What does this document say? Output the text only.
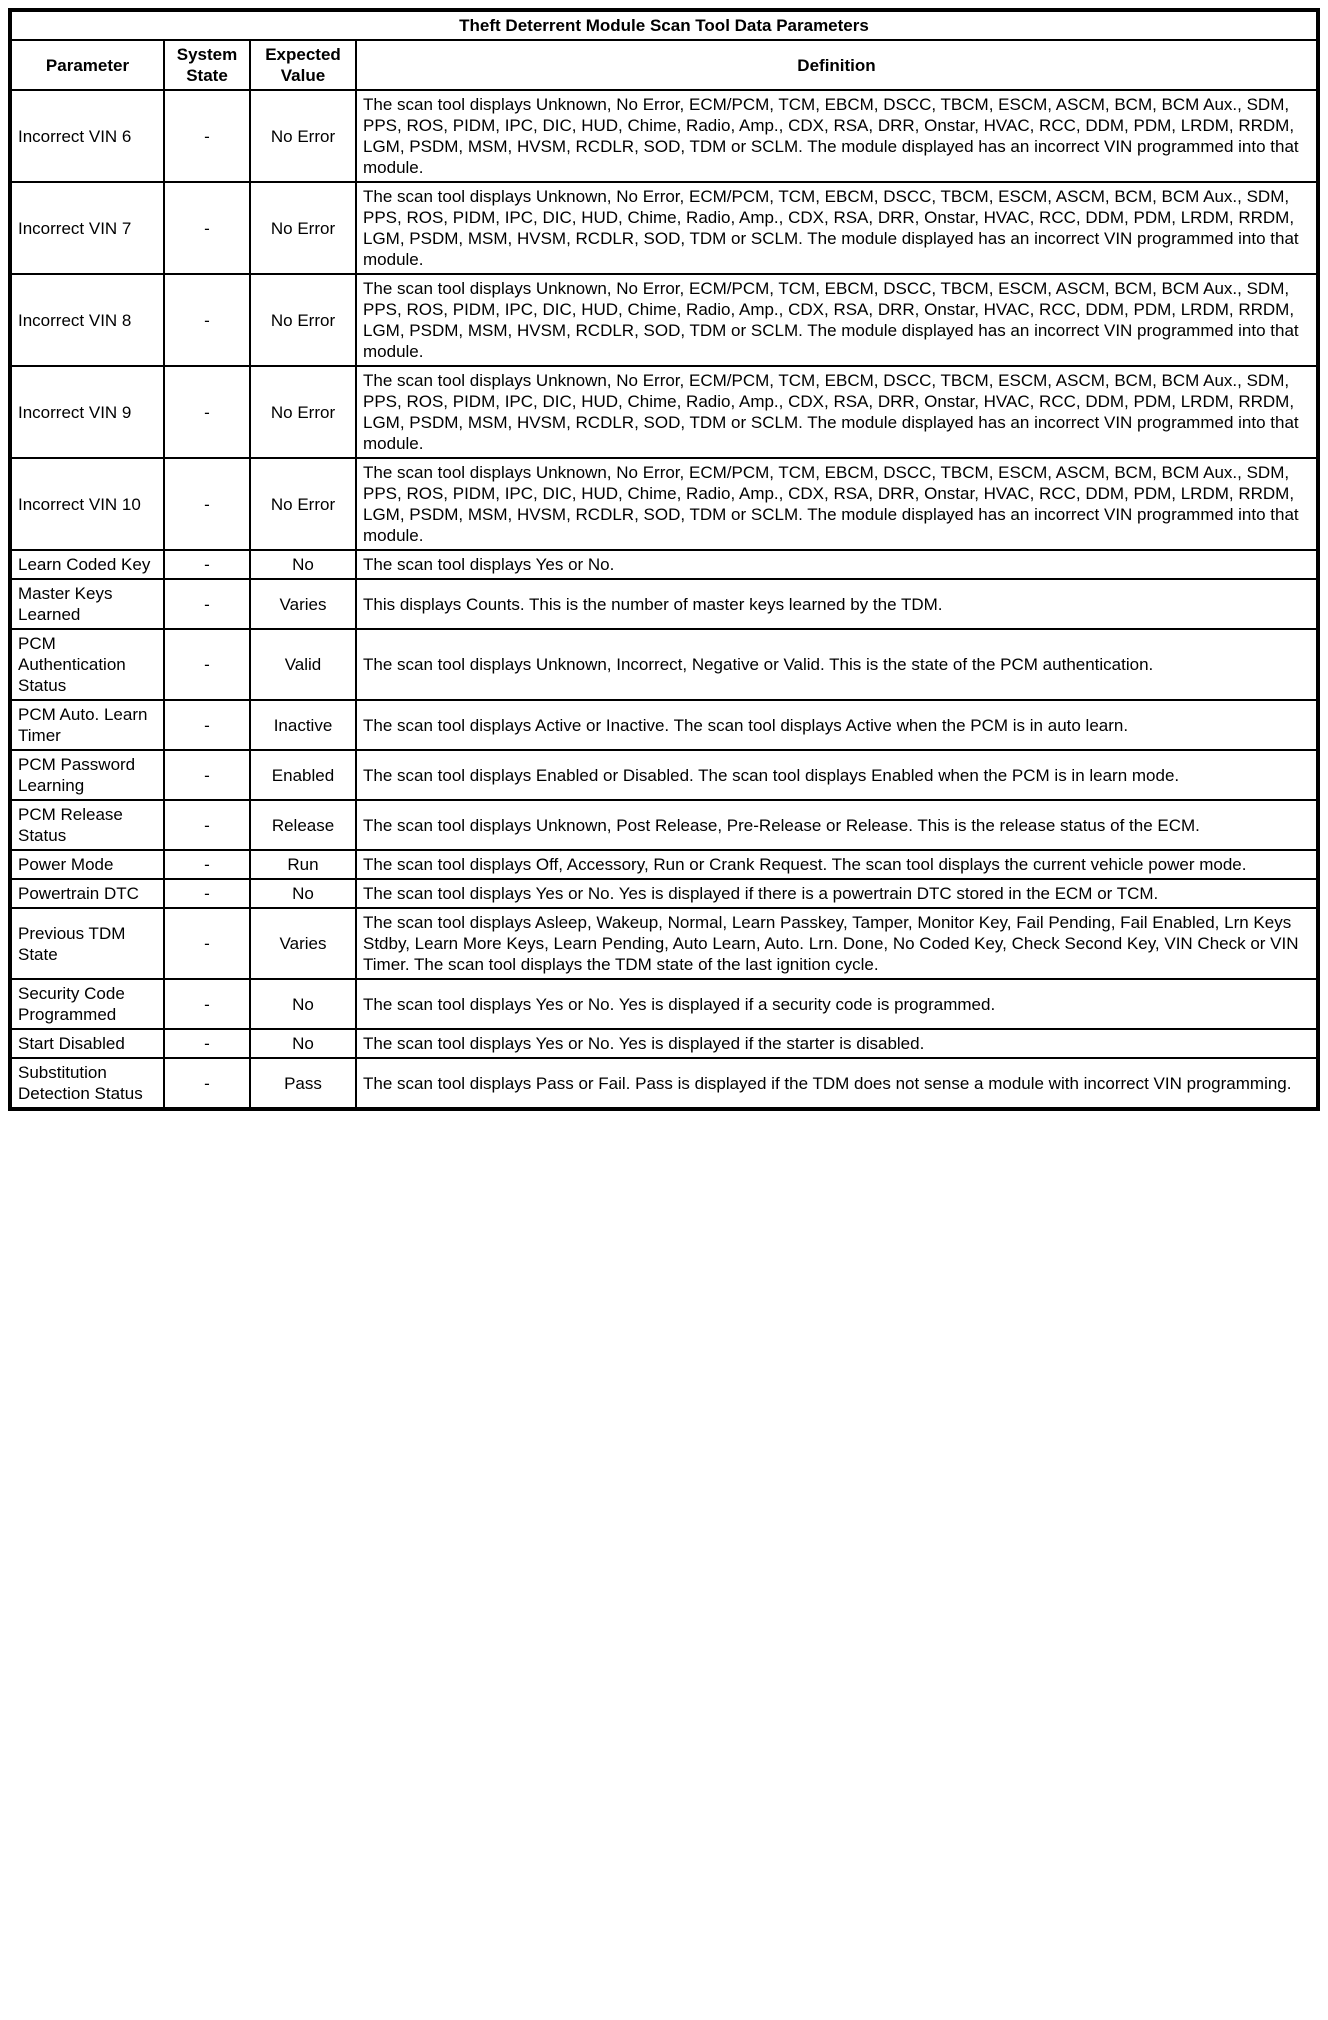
Theft Deterrent Module Scan Tool Data Parameters			
Parameter	System State	Expected Value	Definition
Incorrect VIN 6	-	No Error	The scan tool displays Unknown, No Error, ECM/PCM, TCM, EBCM, DSCC, TBCM, ESCM, ASCM, BCM, BCM Aux., SDM, PPS, ROS, PIDM, IPC, DIC, HUD, Chime, Radio, Amp., CDX, RSA, DRR, Onstar, HVAC, RCC, DDM, PDM, LRDM, RRDM, LGM, PSDM, MSM, HVSM, RCDLR, SOD, TDM or SCLM. The module displayed has an incorrect VIN programmed into that module.
Incorrect VIN 7	-	No Error	The scan tool displays Unknown, No Error, ECM/PCM, TCM, EBCM, DSCC, TBCM, ESCM, ASCM, BCM, BCM Aux., SDM, PPS, ROS, PIDM, IPC, DIC, HUD, Chime, Radio, Amp., CDX, RSA, DRR, Onstar, HVAC, RCC, DDM, PDM, LRDM, RRDM, LGM, PSDM, MSM, HVSM, RCDLR, SOD, TDM or SCLM. The module displayed has an incorrect VIN programmed into that module.
Incorrect VIN 8	-	No Error	The scan tool displays Unknown, No Error, ECM/PCM, TCM, EBCM, DSCC, TBCM, ESCM, ASCM, BCM, BCM Aux., SDM, PPS, ROS, PIDM, IPC, DIC, HUD, Chime, Radio, Amp., CDX, RSA, DRR, Onstar, HVAC, RCC, DDM, PDM, LRDM, RRDM, LGM, PSDM, MSM, HVSM, RCDLR, SOD, TDM or SCLM. The module displayed has an incorrect VIN programmed into that module.
Incorrect VIN 9	-	No Error	The scan tool displays Unknown, No Error, ECM/PCM, TCM, EBCM, DSCC, TBCM, ESCM, ASCM, BCM, BCM Aux., SDM, PPS, ROS, PIDM, IPC, DIC, HUD, Chime, Radio, Amp., CDX, RSA, DRR, Onstar, HVAC, RCC, DDM, PDM, LRDM, RRDM, LGM, PSDM, MSM, HVSM, RCDLR, SOD, TDM or SCLM. The module displayed has an incorrect VIN programmed into that module.
Incorrect VIN 10	-	No Error	The scan tool displays Unknown, No Error, ECM/PCM, TCM, EBCM, DSCC, TBCM, ESCM, ASCM, BCM, BCM Aux., SDM, PPS, ROS, PIDM, IPC, DIC, HUD, Chime, Radio, Amp., CDX, RSA, DRR, Onstar, HVAC, RCC, DDM, PDM, LRDM, RRDM, LGM, PSDM, MSM, HVSM, RCDLR, SOD, TDM or SCLM. The module displayed has an incorrect VIN programmed into that module.
Learn Coded Key	-	No	The scan tool displays Yes or No.
Master Keys Learned	-	Varies	This displays Counts. This is the number of master keys learned by the TDM.
PCM Authentication Status	-	Valid	The scan tool displays Unknown, Incorrect, Negative or Valid. This is the state of the PCM authentication.
PCM Auto. Learn Timer	-	Inactive	The scan tool displays Active or Inactive. The scan tool displays Active when the PCM is in auto learn.
PCM Password Learning	-	Enabled	The scan tool displays Enabled or Disabled. The scan tool displays Enabled when the PCM is in learn mode.
PCM Release Status	-	Release	The scan tool displays Unknown, Post Release, Pre-Release or Release. This is the release status of the ECM.
Power Mode	-	Run	The scan tool displays Off, Accessory, Run or Crank Request. The scan tool displays the current vehicle power mode.
Powertrain DTC	-	No	The scan tool displays Yes or No. Yes is displayed if there is a powertrain DTC stored in the ECM or TCM.
Previous TDM State	-	Varies	The scan tool displays Asleep, Wakeup, Normal, Learn Passkey, Tamper, Monitor Key, Fail Pending, Fail Enabled, Lrn Keys Stdby, Learn More Keys, Learn Pending, Auto Learn, Auto. Lrn. Done, No Coded Key, Check Second Key, VIN Check or VIN Timer. The scan tool displays the TDM state of the last ignition cycle.
Security Code Programmed	-	No	The scan tool displays Yes or No. Yes is displayed if a security code is programmed.
Start Disabled	-	No	The scan tool displays Yes or No. Yes is displayed if the starter is disabled.
Substitution Detection Status	-	Pass	The scan tool displays Pass or Fail. Pass is displayed if the TDM does not sense a module with incorrect VIN programming.
